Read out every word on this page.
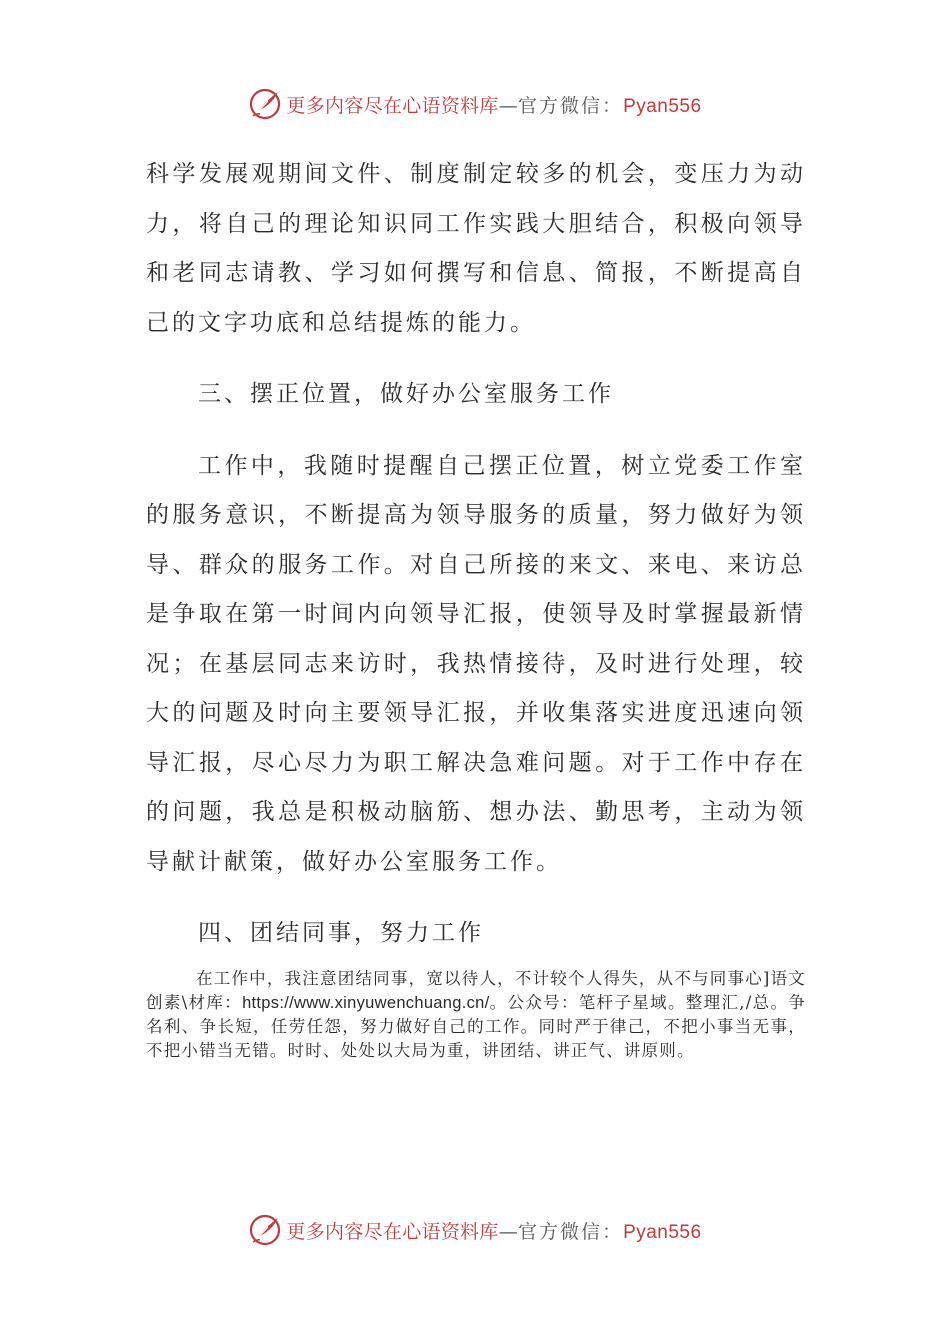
更多内容尽在心语资料库—官方微信：Pyan556

科学发展观期间文件、制度制定较多的机会，变压力为动力，将自己的理论知识同工作实践大胆结合，积极向领导和老同志请教、学习如何撰写和信息、简报，不断提高自己的文字功底和总结提炼的能力。

三、摆正位置，做好办公室服务工作

工作中，我随时提醒自己摆正位置，树立党委工作室的服务意识，不断提高为领导服务的质量，努力做好为领导、群众的服务工作。对自己所接的来文、来电、来访总是争取在第一时间内向领导汇报，使领导及时掌握最新情况；在基层同志来访时，我热情接待，及时进行处理，较大的问题及时向主要领导汇报，并收集落实进度迅速向领导汇报，尽心尽力为职工解决急难问题。对于工作中存在的问题，我总是积极动脑筋、想办法、勤思考，主动为领导献计献策，做好办公室服务工作。

四、团结同事，努力工作

在工作中，我注意团结同事，宽以待人，不计较个人得失，从不与同事心]语文创素\材库：https://www.xinyuwenchuang.cn/。公众号：笔杆子星域。整理汇,/总。争名利、争长短，任劳任怨，努力做好自己的工作。同时严于律己，不把小事当无事，不把小错当无错。时时、处处以大局为重，讲团结、讲正气、讲原则。

更多内容尽在心语资料库—官方微信：Pyan556
